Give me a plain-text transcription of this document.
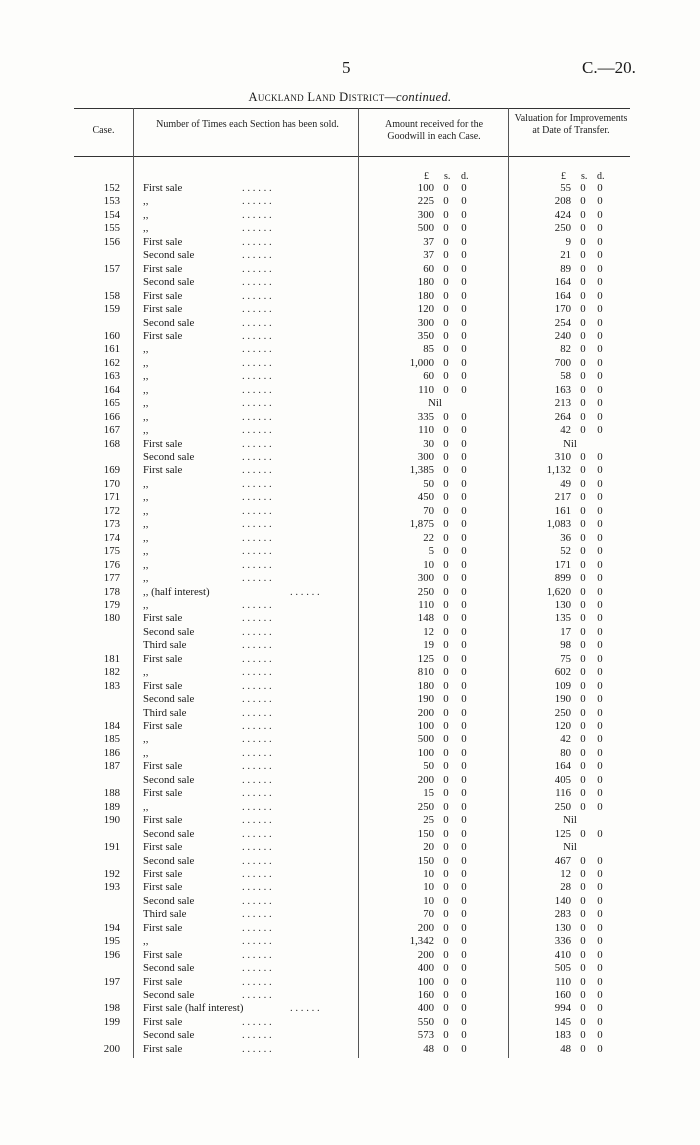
5	C.—20.
Auckland Land District—continued.
Case.
Number of Times each Section has been sold.	Amount received for the Goodwill in each Case.
Valuation for Improvements at Date of Transfer.
£ s. d.	£ s. d.
152 First sale	. . . . . .	100 0	0	55 0	0
153 ,,	. . . . . .	225 0	0	208 0	0
154 ,,	. . . . . .	300 0	0	424 0	0
155 ,,	. . . . . .	500 0	0	250 0	0
156 First sale	. . . . . .	37 0	0	9 0	0
Second sale	. . . . . .	37 0	0	21 0	0
157 First sale	. . . . . .	60 0	0	89 0	0
Second sale	. . . . . .	180 0	0	164 0	0
158 First sale	. . . . . .	180 0	0	164 0	0
159 First sale	. . . . . .	120 0	0	170 0	0
Second sale	. . . . . .	300 0	0	254 0	0
160 First sale	. . . . . .	350 0	0	240 0	0
161 ,,	. . . . . .	85 0	0	82 0	0
162 ,,	. . . . . .	1,000 0	0	700 0	0
163 ,,	. . . . . .	60 0	0	58 0	0
164 ,,	. . . . . .	110 0	0	163 0	0
165 ,,	. . . . . .	Nil	213 0	0
166 ,,	. . . . . .	335 0	0	264 0	0
167 ,,	. . . . . .	110 0	0	42 0	0
168 First sale	. . . . . .	30 0	0	Nil
Second sale	. . . . . .	300 0	0	310 0	0
169 First sale	. . . . . .	1,385 0	0	1,132 0	0
170 ,,	. . . . . .	50 0	0	49 0	0
171 ,,	. . . . . .	450 0	0	217 0	0
172 ,,	. . . . . .	70 0	0	161 0	0
173 ,,	. . . . . .	1,875 0	0	1,083 0	0
174 ,,	. . . . . .	22 0	0	36 0	0
175 ,,	. . . . . .	5 0	0	52 0	0
176 ,,	. . . . . .	10 0	0	171 0	0
177 ,,	. . . . . .	300 0	0	899 0	0
178 ,, (half interest)	. . . . . .	250 0	0	1,620 0	0
179 ,,	. . . . . .	110 0	0	130 0	0
180 First sale	. . . . . .	148 0	0	135 0	0
Second sale	. . . . . .	12 0	0	17 0	0
Third sale	. . . . . .	19 0	0	98 0	0
181 First sale	. . . . . .	125 0	0	75 0	0
182 ,,	. . . . . .	810 0	0	602 0	0
183 First sale	. . . . . .	180 0	0	109 0	0
Second sale	. . . . . .	190 0	0	190 0	0
Third sale	. . . . . .	200 0	0	250 0	0
184 First sale	. . . . . .	100 0	0	120 0	0
185 ,,	. . . . . .	500 0	0	42 0	0
186 ,,	. . . . . .	100 0	0	80 0	0
187 First sale	. . . . . .	50 0	0	164 0	0
Second sale	. . . . . .	200 0	0	405 0	0
188 First sale	. . . . . .	15 0	0	116 0	0
189 ,,	. . . . . .	250 0	0	250 0	0
190 First sale	. . . . . .	25 0	0	Nil
Second sale	. . . . . .	150 0	0	125 0	0
191 First sale	. . . . . .	20 0	0	Nil
Second sale	. . . . . .	150 0	0	467 0	0
192 First sale	. . . . . .	10 0	0	12 0	0
193 First sale	. . . . . .	10 0	0	28 0	0
Second sale	. . . . . .	10 0	0	140 0	0
Third sale	. . . . . .	70 0	0	283 0	0
194 First sale	. . . . . .	200 0	0	130 0	0
195 ,,	. . . . . .	1,342 0	0	336 0	0
196 First sale	. . . . . .	200 0	0	410 0	0
Second sale	. . . . . .	400 0	0	505 0	0
197 First sale	. . . . . .	100 0	0	110 0	0
Second sale	. . . . . .	160 0	0	160 0	0
198 First sale (half interest)	. . . . . .	400 0	0	994 0	0
199 First sale	. . . . . .	550 0	0	145 0	0
Second sale	. . . . . .	573 0	0	183 0	0
200 First sale	. . . . . .	48 0	0	48 0	0
